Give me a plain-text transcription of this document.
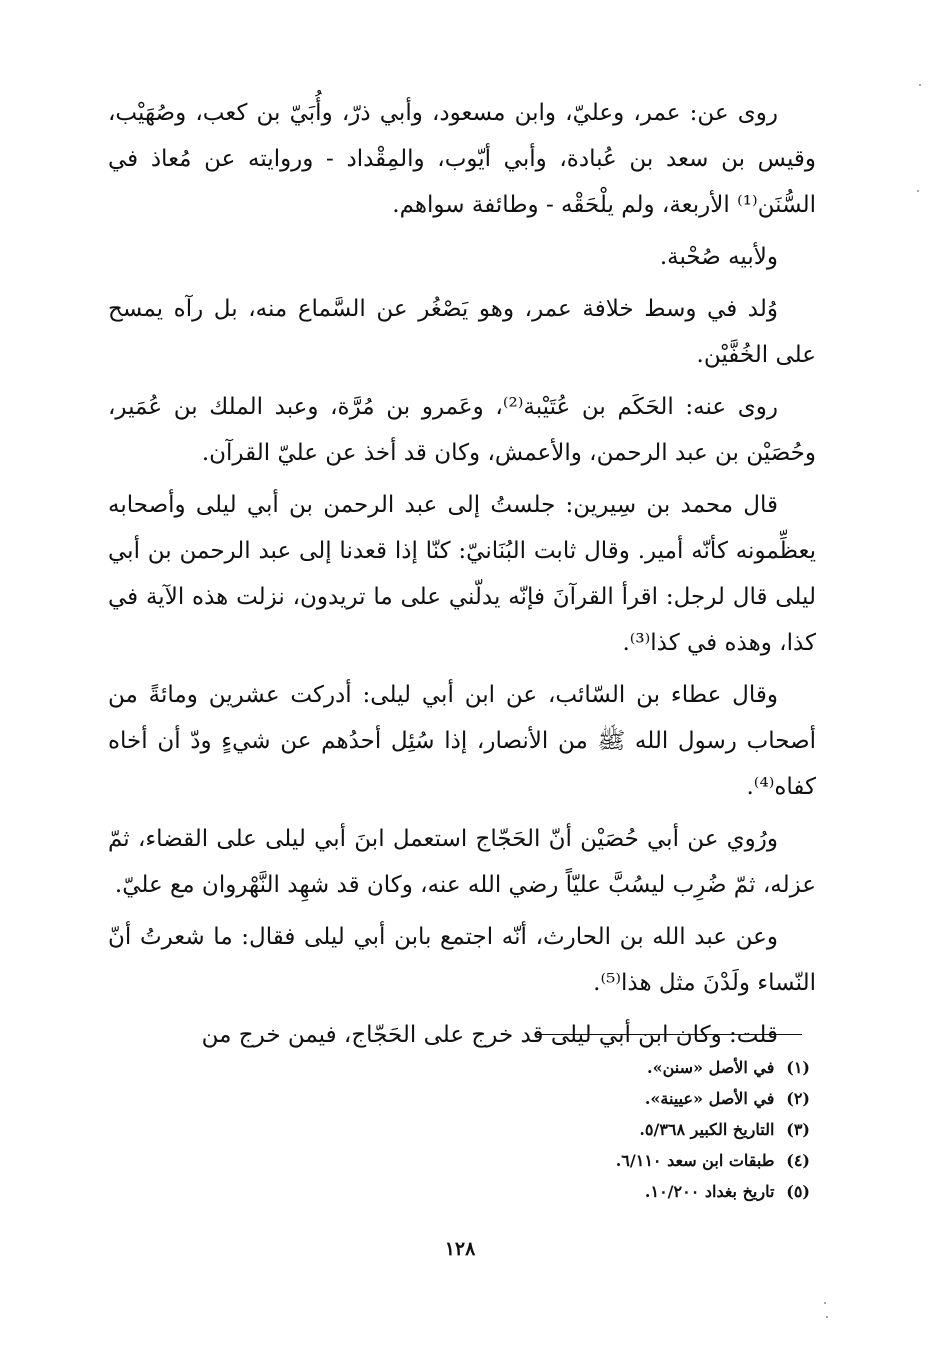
روى عن: عمر، وعليّ، وابن مسعود، وأبي ذرّ، وأُبَيّ بن كعب، وصُهَيْب، وقيس بن سعد بن عُبادة، وأبي أيّوب، والمِقْداد - وروايته عن مُعاذ في السُّنَن⁽¹⁾ الأربعة، ولم يلْحَقْه - وطائفة سواهم.

ولأبيه صُحْبة.

وُلد في وسط خلافة عمر، وهو يَصْغُر عن السَّماع منه، بل رآه يمسح على الخُفَّيْن.

روى عنه: الحَكَم بن عُتَيْبة⁽²⁾، وعَمرو بن مُرَّة، وعبد الملك بن عُمَير، وحُصَيْن بن عبد الرحمن، والأعمش، وكان قد أخذ عن عليّ القرآن.

قال محمد بن سِيرين: جلستُ إلى عبد الرحمن بن أبي ليلى وأصحابه يعظِّمونه كأنّه أمير. وقال ثابت البُنَانيّ: كنّا إذا قعدنا إلى عبد الرحمن بن أبي ليلى قال لرجل: اقرأ القرآنَ فإنّه يدلّني على ما تريدون، نزلت هذه الآية في كذا، وهذه في كذا⁽³⁾.

وقال عطاء بن السّائب، عن ابن أبي ليلى: أدركت عشرين ومائةً من أصحاب رسول الله ﷺ من الأنصار، إذا سُئِل أحدُهم عن شيءٍ ودّ أن أخاه كفاه⁽⁴⁾.

ورُوي عن أبي حُصَيْن أنّ الحَجّاج استعمل ابنَ أبي ليلى على القضاء، ثمّ عزله، ثمّ ضُرِب ليسُبَّ عليّاً رضي الله عنه، وكان قد شهِد النَّهْروان مع عليّ.

وعن عبد الله بن الحارث، أنّه اجتمع بابن أبي ليلى فقال: ما شعرتُ أنّ النّساء ولَدْنَ مثل هذا⁽⁵⁾.

قلت: وكان ابن أبي ليلى قد خرج على الحَجّاج، فيمن خرج من

(١) في الأصل «سنن».

(٢) في الأصل «عيينة».

(٣) التاريخ الكبير ٥/٣٦٨.

(٤) طبقات ابن سعد ٦/١١٠.

(٥) تاريخ بغداد ١٠/٢٠٠.

١٢٨
